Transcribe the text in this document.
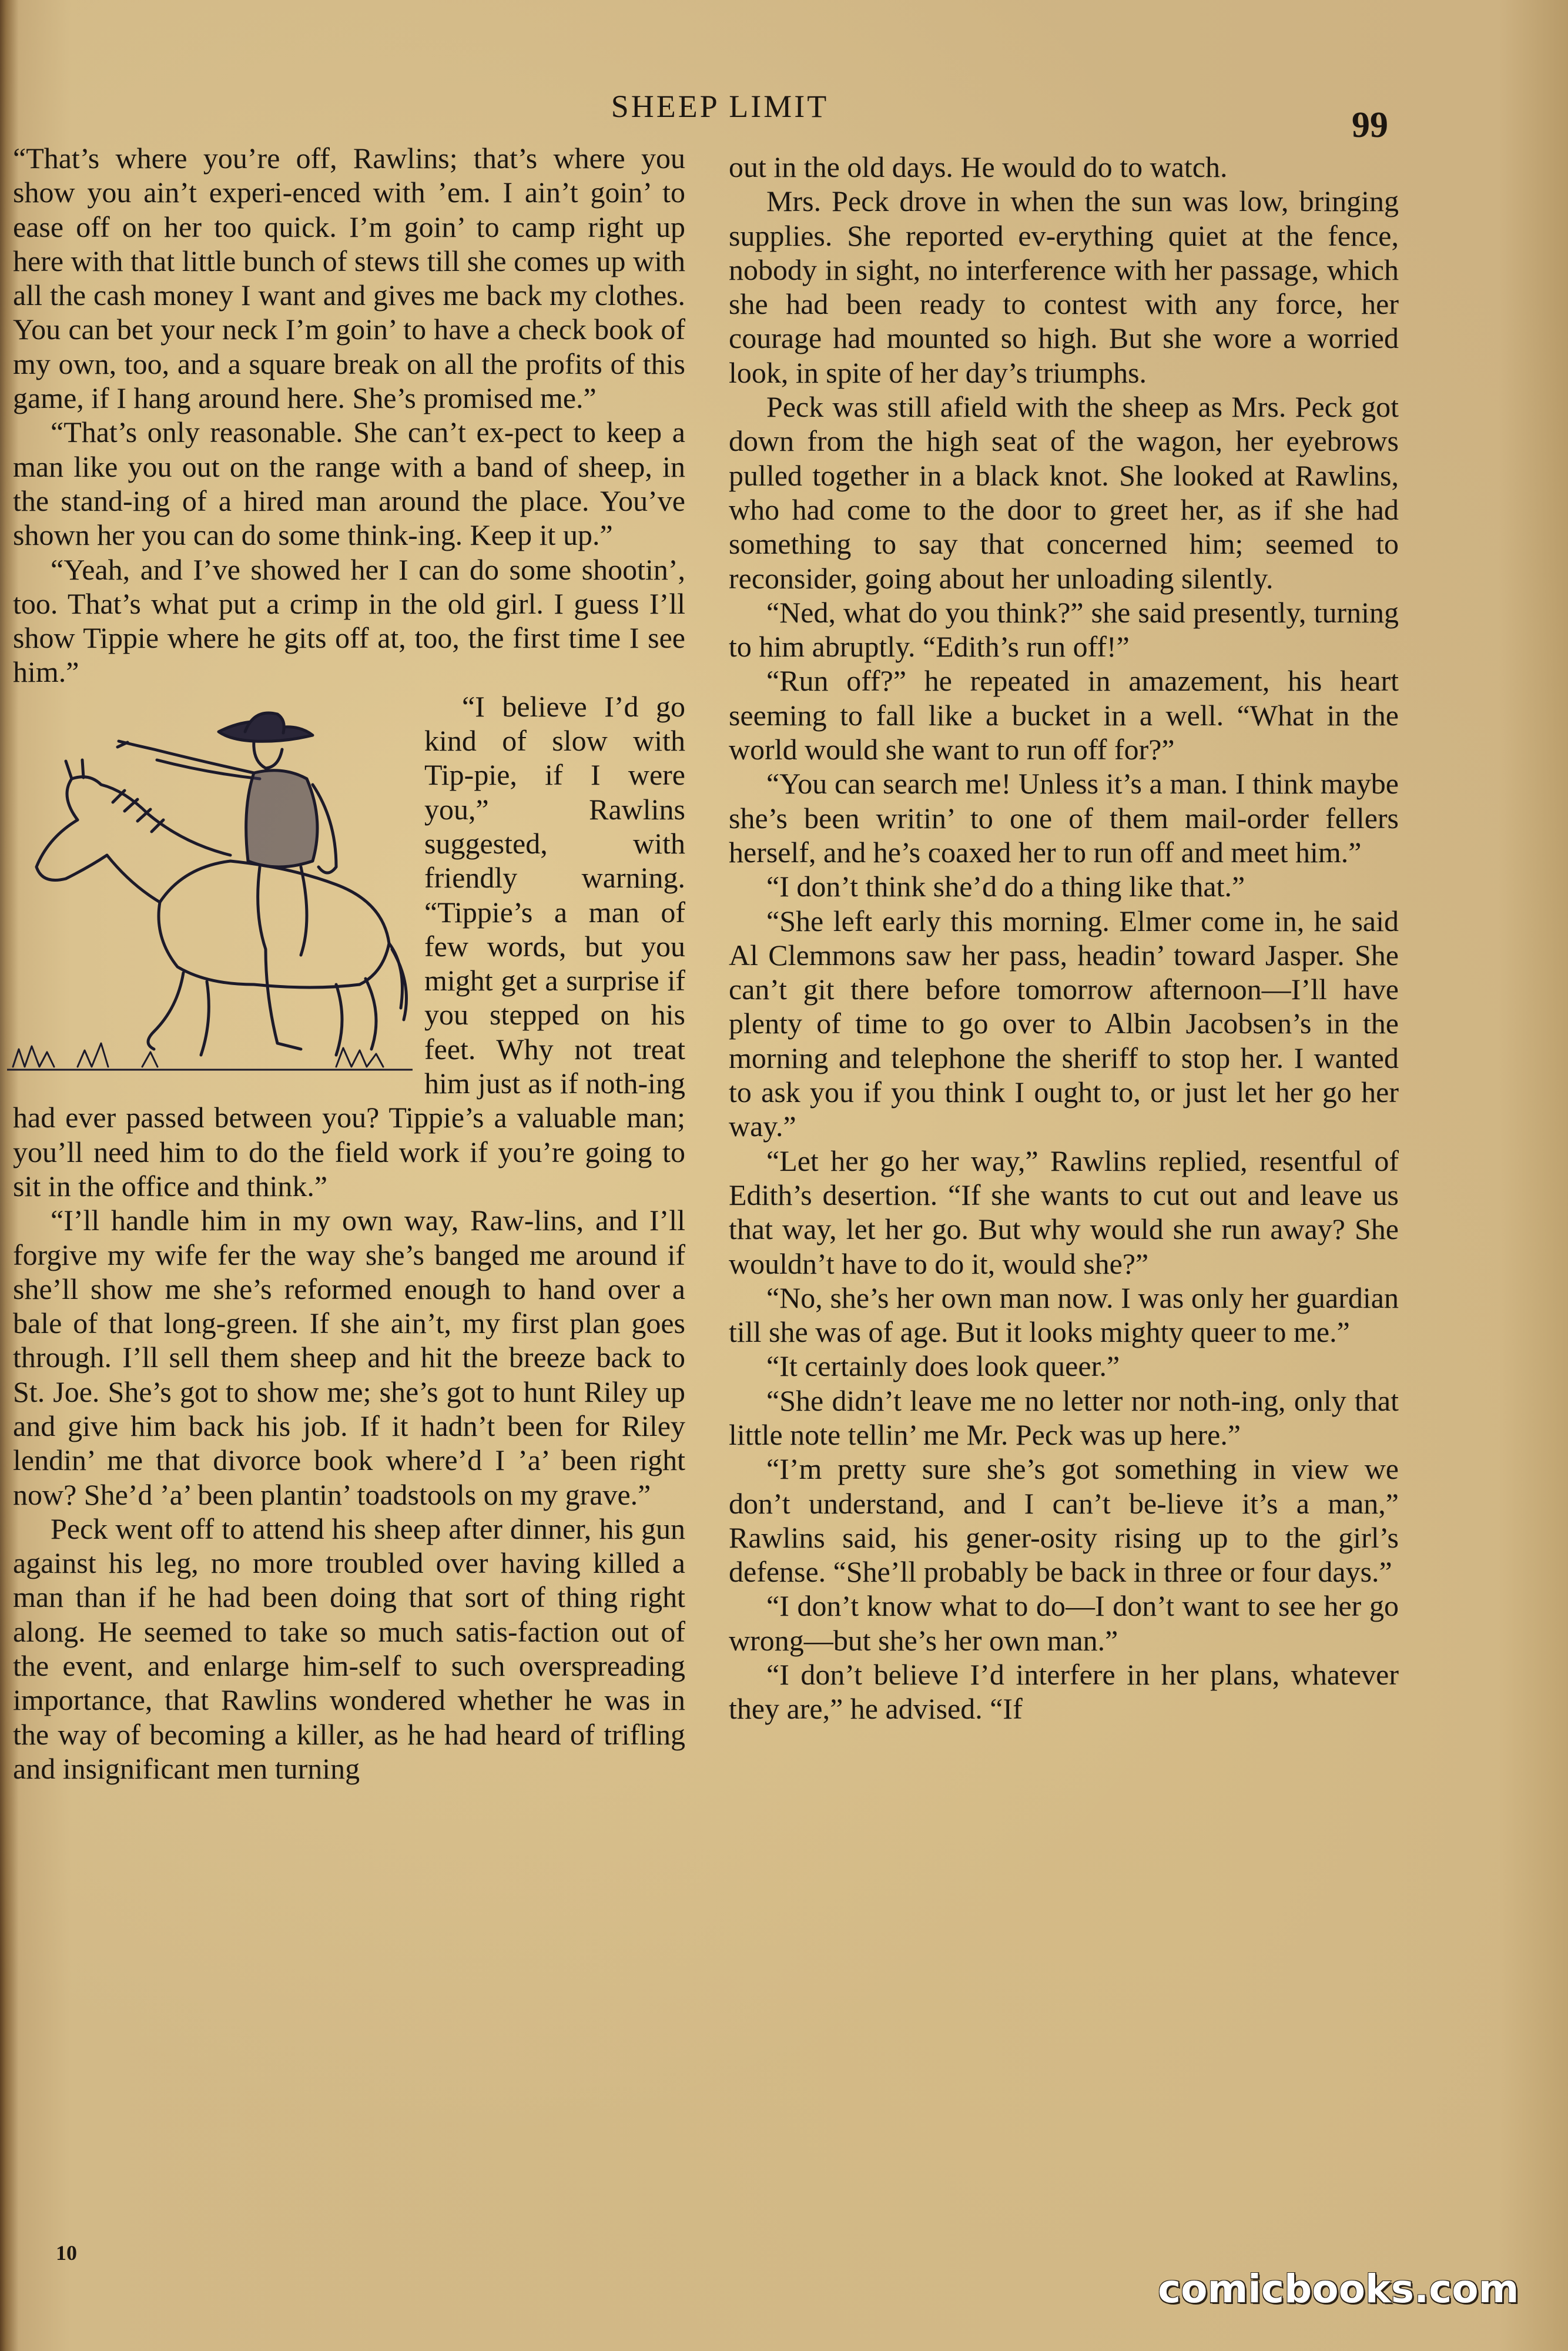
SHEEP LIMIT	99

“That’s where you’re off, Rawlins; that’s where you show you ain’t experi-enced with ’em. I ain’t goin’ to ease off on her too quick. I’m goin’ to camp right up here with that little bunch of stews till she comes up with all the cash money I want and gives me back my clothes. You can bet your neck I’m goin’ to have a check book of my own, too, and a square break on all the profits of this game, if I hang around here. She’s promised me.”

“That’s only reasonable. She can’t ex-pect to keep a man like you out on the range with a band of sheep, in the stand-ing of a hired man around the place. You’ve shown her you can do some think-ing. Keep it up.”

“Yeah, and I’ve showed her I can do some shootin’, too. That’s what put a crimp in the old girl. I guess I’ll show Tippie where he gits off at, too, the first time I see him.”

“I believe I’d go kind of slow with Tip-pie, if I were you,” Rawlins suggested, with friendly warning. “Tippie’s a man of few words, but you might get a surprise if you stepped on his feet. Why not treat him just as if noth-ing had ever passed between you? Tippie’s a valuable man; you’ll need him to do the field work if you’re going to sit in the office and think.”

“I’ll handle him in my own way, Raw-lins, and I’ll forgive my wife fer the way she’s banged me around if she’ll show me she’s reformed enough to hand over a bale of that long-green. If she ain’t, my first plan goes through. I’ll sell them sheep and hit the breeze back to St. Joe. She’s got to show me; she’s got to hunt Riley up and give him back his job. If it hadn’t been for Riley lendin’ me that divorce book where’d I ’a’ been right now? She’d ’a’ been plantin’ toadstools on my grave.”

Peck went off to attend his sheep after dinner, his gun against his leg, no more troubled over having killed a man than if he had been doing that sort of thing right along. He seemed to take so much satis-faction out of the event, and enlarge him-self to such overspreading importance, that Rawlins wondered whether he was in the way of becoming a killer, as he had heard of trifling and insignificant men turning

out in the old days. He would do to watch.

Mrs. Peck drove in when the sun was low, bringing supplies. She reported ev-erything quiet at the fence, nobody in sight, no interference with her passage, which she had been ready to contest with any force, her courage had mounted so high. But she wore a worried look, in spite of her day’s triumphs.

Peck was still afield with the sheep as Mrs. Peck got down from the high seat of the wagon, her eyebrows pulled together in a black knot. She looked at Rawlins, who had come to the door to greet her, as if she had something to say that concerned him; seemed to reconsider, going about her unloading silently.

“Ned, what do you think?” she said presently, turning to him abruptly. “Edith’s run off!”

“Run off?” he repeated in amazement, his heart seeming to fall like a bucket in a well. “What in the world would she want to run off for?”

“You can search me! Unless it’s a man. I think maybe she’s been writin’ to one of them mail-order fellers herself, and he’s coaxed her to run off and meet him.”

“I don’t think she’d do a thing like that.”

“She left early this morning. Elmer come in, he said Al Clemmons saw her pass, headin’ toward Jasper. She can’t git there before tomorrow afternoon—I’ll have plenty of time to go over to Albin Jacobsen’s in the morning and telephone the sheriff to stop her. I wanted to ask you if you think I ought to, or just let her go her way.”

“Let her go her way,” Rawlins replied, resentful of Edith’s desertion. “If she wants to cut out and leave us that way, let her go. But why would she run away? She wouldn’t have to do it, would she?”

“No, she’s her own man now. I was only her guardian till she was of age. But it looks mighty queer to me.”

“It certainly does look queer.”

“She didn’t leave me no letter nor noth-ing, only that little note tellin’ me Mr. Peck was up here.”

“I’m pretty sure she’s got something in view we don’t understand, and I can’t be-lieve it’s a man,” Rawlins said, his gener-osity rising up to the girl’s defense. “She’ll probably be back in three or four days.”

“I don’t know what to do—I don’t want to see her go wrong—but she’s her own man.”

“I don’t believe I’d interfere in her plans, whatever they are,” he advised. “If

10
comicbooks.com
